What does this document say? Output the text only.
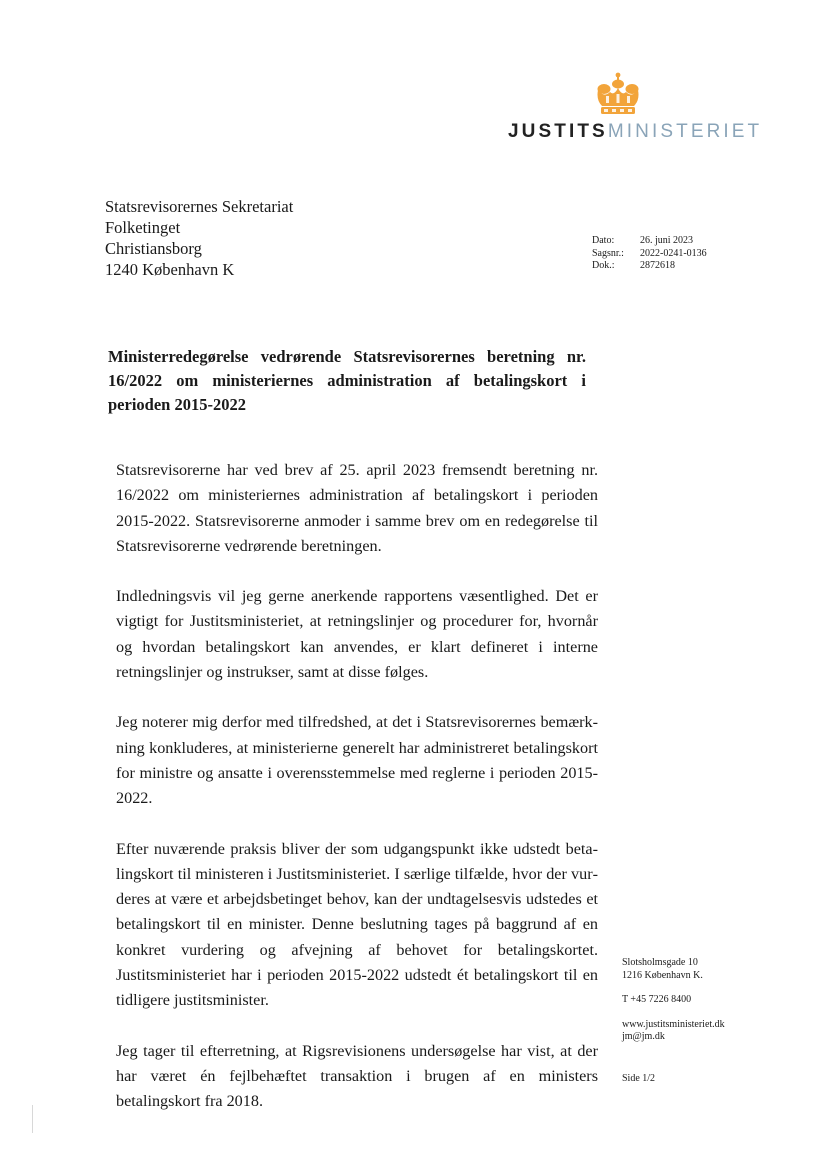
JUSTITSMINISTERIET
Statsrevisorernes Sekretariat
Folketinget
Christiansborg
1240 København K
Dato:	26. juni 2023
Sagsnr.:	2022-0241-0136
Dok.:	2872618
Ministerredegørelse vedrørende Statsrevisorernes beretning nr. 16/2022 om ministeriernes administration af betalingskort i perioden 2015-2022

Statsrevisorerne har ved brev af 25. april 2023 fremsendt beretning nr. 16/2022 om ministeriernes administration af betalingskort i perioden 2015-2022. Statsrevisorerne anmoder i samme brev om en redegørelse til Statsrevisorerne vedrørende beretningen.

Indledningsvis vil jeg gerne anerkende rapportens væsentlighed. Det er vigtigt for Justitsministeriet, at retningslinjer og procedurer for, hvornår og hvordan betalingskort kan anvendes, er klart defineret i interne retningslinjer og instrukser, samt at disse følges.

Jeg noterer mig derfor med tilfredshed, at det i Statsrevisorernes bemærkning konkluderes, at ministerierne generelt har administreret betalingskort for ministre og ansatte i overensstemmelse med reglerne i perioden 2015-2022.

Efter nuværende praksis bliver der som udgangspunkt ikke udstedt betalingskort til ministeren i Justitsministeriet. I særlige tilfælde, hvor der vurderes at være et arbejdsbetinget behov, kan der undtagelsesvis udstedes et betalingskort til en minister. Denne beslutning tages på baggrund af en konkret vurdering og afvejning af behovet for betalingskortet. Justitsministeriet har i perioden 2015-2022 udstedt ét betalingskort til en tidligere justitsminister.

Jeg tager til efterretning, at Rigsrevisionens undersøgelse har vist, at der har været én fejlbehæftet transaktion i brugen af en ministers betalingskort fra 2018.

Slotsholmsgade 10
1216 København K.
T +45 7226 8400
www.justitsministeriet.dk
jm@jm.dk
Side 1/2
